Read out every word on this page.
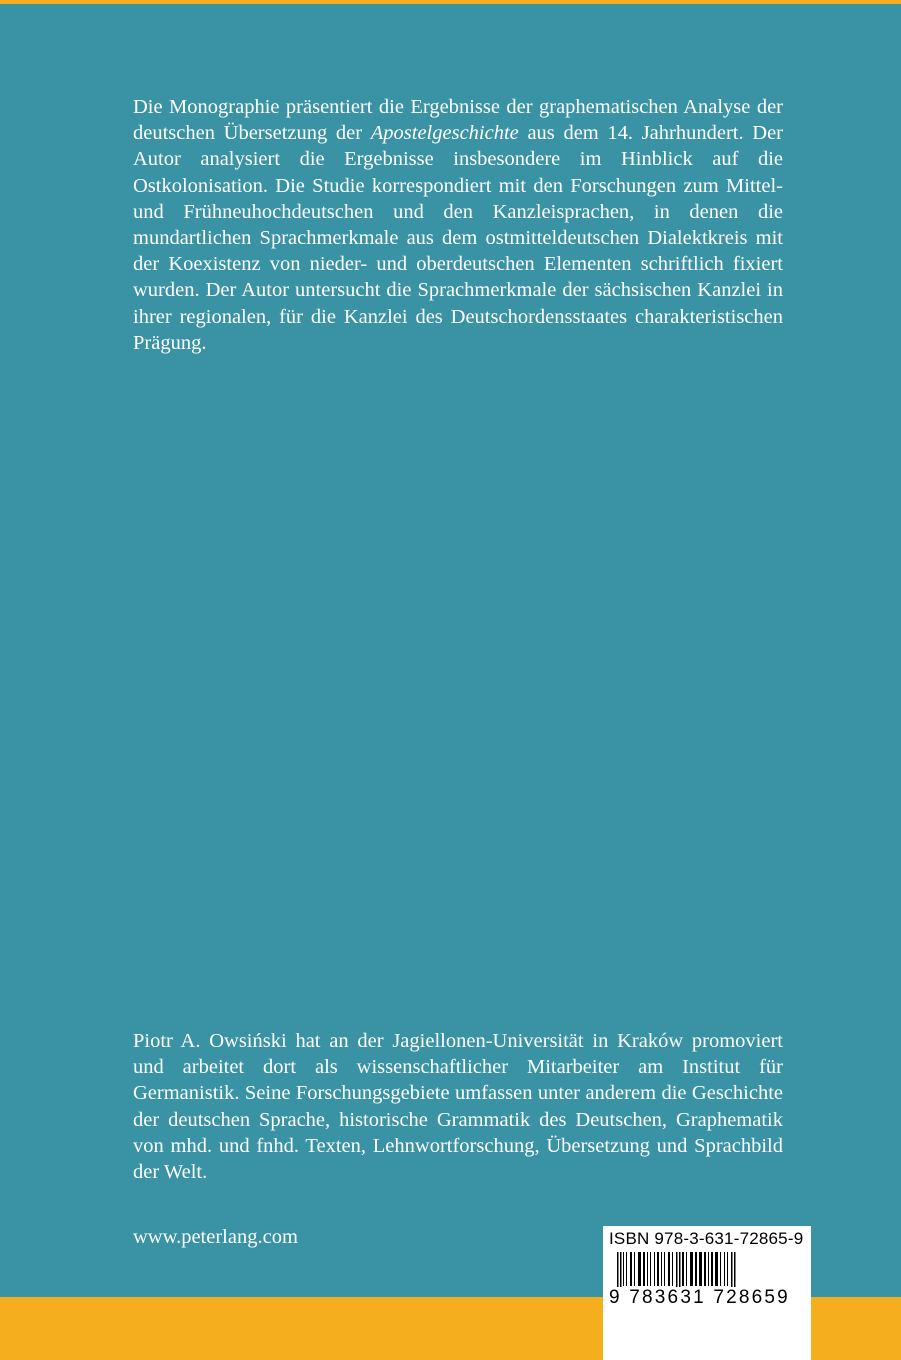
Die Monographie präsentiert die Ergebnisse der graphematischen Analyse der deutschen Übersetzung der Apostelgeschichte aus dem 14. Jahrhundert. Der Autor analysiert die Ergebnisse insbesondere im Hinblick auf die Ostkolonisation. Die Studie korrespondiert mit den Forschungen zum Mittel- und Frühneuhochdeutschen und den Kanzleisprachen, in denen die mundartlichen Sprachmerkmale aus dem ostmitteldeutschen Dialektkreis mit der Koexistenz von nieder- und oberdeutschen Elementen schriftlich fixiert wurden. Der Autor untersucht die Sprachmerkmale der sächsischen Kanzlei in ihrer regionalen, für die Kanzlei des Deutschordensstaates charakteristischen Prägung.

Piotr A. Owsiński hat an der Jagiellonen-Universität in Kraków promoviert und arbeitet dort als wissenschaftlicher Mitarbeiter am Institut für Germanistik. Seine Forschungsgebiete umfassen unter anderem die Geschichte der deutschen Sprache, historische Grammatik des Deutschen, Graphematik von mhd. und fnhd. Texten, Lehnwortforschung, Übersetzung und Sprachbild der Welt.

www.peterlang.com	ISBN 978-3-631-72865-9
9 783631 728659
